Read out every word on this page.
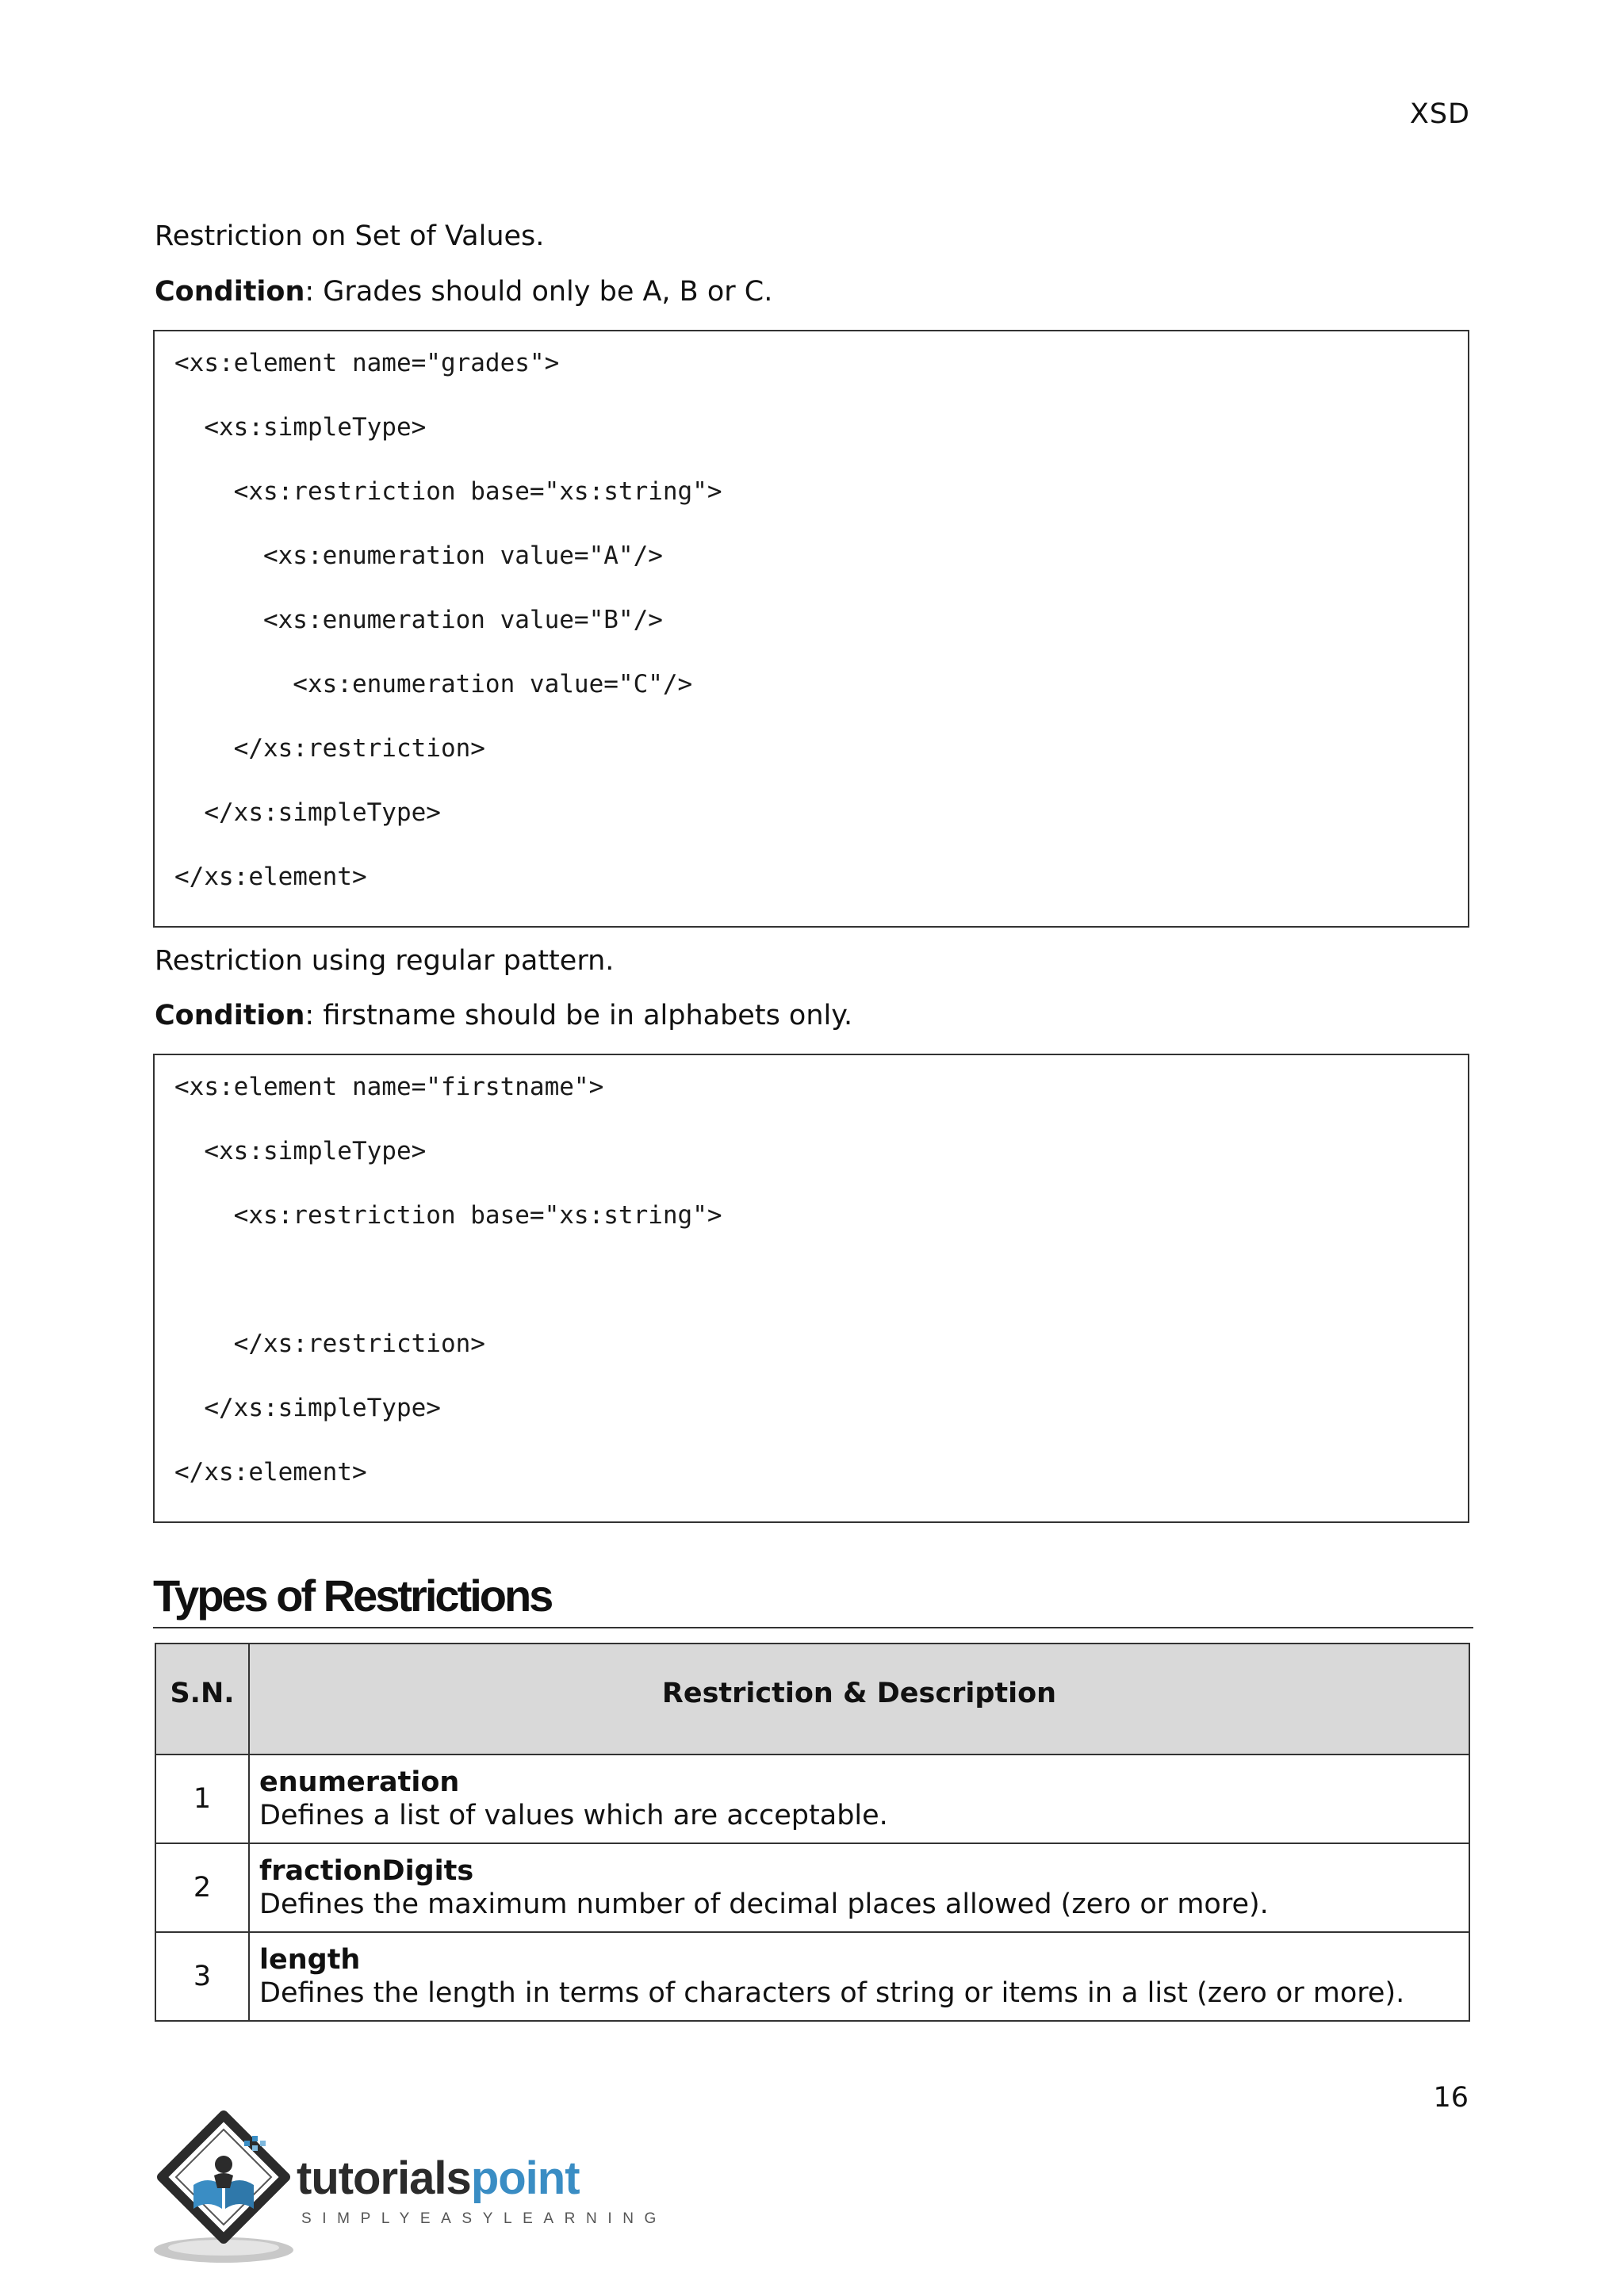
XSD
Restriction on Set of Values.
Condition: Grades should only be A, B or C.
<xs:element name="grades">
<xs:simpleType>
<xs:restriction base="xs:string">
<xs:enumeration value="A"/>
<xs:enumeration value="B"/>
<xs:enumeration value="C"/>
</xs:restriction>
</xs:simpleType>
</xs:element>
Restriction using regular pattern.
Condition: firstname should be in alphabets only.
<xs:element name="firstname">
<xs:simpleType>
<xs:restriction base="xs:string">
</xs:restriction>
</xs:simpleType>
</xs:element>
Types of Restrictions
S.N.	Restriction & Description
1	enumeration
Defines a list of values which are acceptable.

2	fractionDigits
Defines the maximum number of decimal places allowed (zero or more).

3	length
Defines the length in terms of characters of string or items in a list (zero or more).
16
tutorialspoint
SIMPLYEASYLEARNING
